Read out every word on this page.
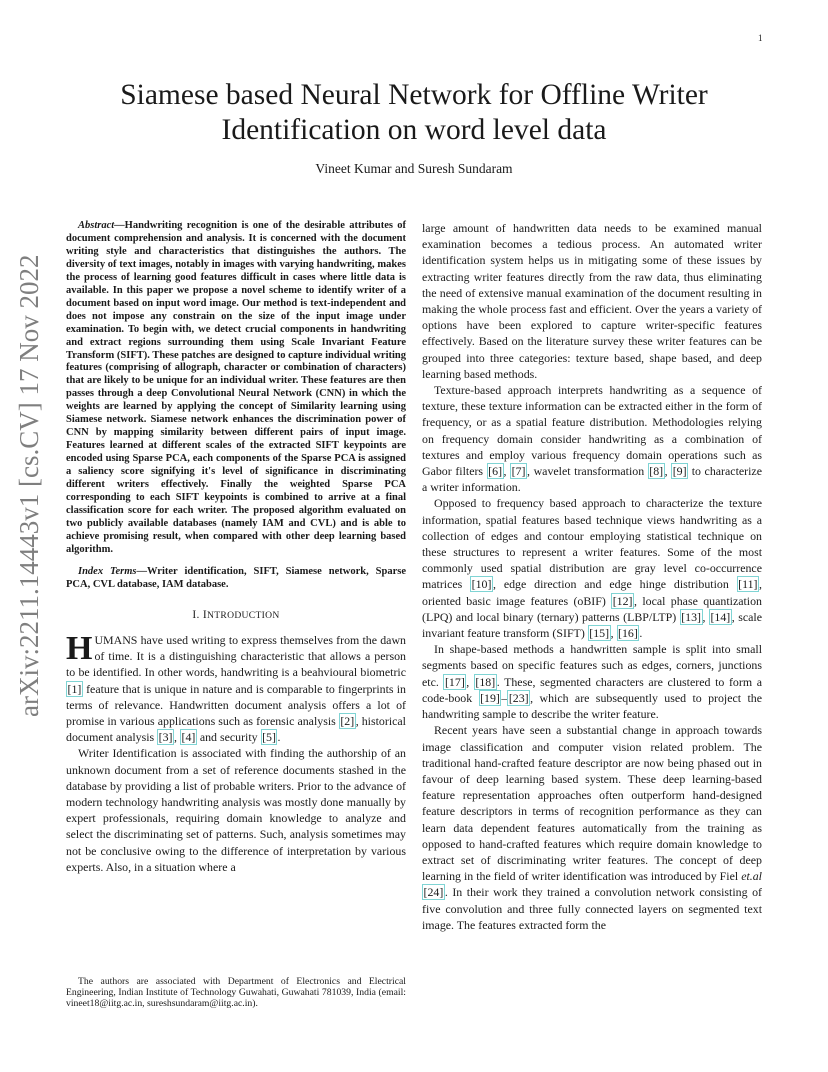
1
arXiv:2211.14443v1 [cs.CV] 17 Nov 2022
Siamese based Neural Network for Offline Writer
Identification on word level data
Vineet Kumar and Suresh Sundaram

Abstract—Handwriting recognition is one of the desirable attributes of document comprehension and analysis. It is concerned with the document writing style and characteristics that distinguishes the authors. The diversity of text images, notably in images with varying handwriting, makes the process of learning good features difficult in cases where little data is available. In this paper we propose a novel scheme to identify writer of a document based on input word image. Our method is text-independent and does not impose any constrain on the size of the input image under examination. To begin with, we detect crucial components in handwriting and extract regions surrounding them using Scale Invariant Feature Transform (SIFT). These patches are designed to capture individual writing features (comprising of allograph, character or combination of characters) that are likely to be unique for an individual writer. These features are then passes through a deep Convolutional Neural Network (CNN) in which the weights are learned by applying the concept of Similarity learning using Siamese network. Siamese network enhances the discrimination power of CNN by mapping similarity between different pairs of input image. Features learned at different scales of the extracted SIFT keypoints are encoded using Sparse PCA, each components of the Sparse PCA is assigned a saliency score signifying it's level of significance in discriminating different writers effectively. Finally the weighted Sparse PCA corresponding to each SIFT keypoints is combined to arrive at a final classification score for each writer. The proposed algorithm evaluated on two publicly available databases (namely IAM and CVL) and is able to achieve promising result, when compared with other deep learning based algorithm.

Index Terms—Writer identification, SIFT, Siamese network, Sparse PCA, CVL database, IAM database.

I. INTRODUCTION

HUMANS have used writing to express themselves from the dawn of time. It is a distinguishing characteristic that allows a person to be identified. In other words, handwriting is a beahvioural biometric [1] feature that is unique in nature and is comparable to fingerprints in terms of relevance. Handwritten document analysis offers a lot of promise in various applications such as forensic analysis [2] , historical document analysis [3] , [4] and security [5] .

Writer Identification is associated with finding the authorship of an unknown document from a set of reference documents stashed in the database by providing a list of probable writers. Prior to the advance of modern technology handwriting analysis was mostly done manually by expert professionals, requiring domain knowledge to analyze and select the discriminating set of patterns. Such, analysis sometimes may not be conclusive owing to the difference of interpretation by various experts. Also, in a situation where a

large amount of handwritten data needs to be examined manual examination becomes a tedious process. An automated writer identification system helps us in mitigating some of these issues by extracting writer features directly from the raw data, thus eliminating the need of extensive manual examination of the document resulting in making the whole process fast and efficient. Over the years a variety of options have been explored to capture writer-specific features effectively. Based on the literature survey these writer features can be grouped into three categories: texture based, shape based, and deep learning based methods.

Texture-based approach interprets handwriting as a sequence of texture, these texture information can be extracted either in the form of frequency, or as a spatial feature distribution. Methodologies relying on frequency domain consider handwriting as a combination of textures and employ various frequency domain operations such as Gabor filters [6] , [7] , wavelet transformation [8] , [9] to characterize a writer information.

Opposed to frequency based approach to characterize the texture information, spatial features based technique views handwriting as a collection of edges and contour employing statistical technique on these structures to represent a writer features. Some of the most commonly used spatial distribution are gray level co-occurrence matrices [10] , edge direction and edge hinge distribution [11] , oriented basic image features (oBIF) [12] , local phase quantization (LPQ) and local binary (ternary) patterns (LBP/LTP) [13] , [14] , scale invariant feature transform (SIFT) [15] , [16] .

In shape-based methods a handwritten sample is split into small segments based on specific features such as edges, corners, junctions etc. [17] , [18] . These, segmented characters are clustered to form a code-book [19] – [23] , which are subsequently used to project the handwriting sample to describe the writer feature.

Recent years have seen a substantial change in approach towards image classification and computer vision related problem. The traditional hand-crafted feature descriptor are now being phased out in favour of deep learning based system. These deep learning-based feature representation approaches often outperform hand-designed feature descriptors in terms of recognition performance as they can learn data dependent features automatically from the training as opposed to hand-crafted features which require domain knowledge to extract set of discriminating writer features. The concept of deep learning in the field of writer identification was introduced by Fiel et.al [24] . In their work they trained a convolution network consisting of five convolution and three fully connected layers on segmented text image. The features extracted form the

The authors are associated with Department of Electronics and Electrical Engineering, Indian Institute of Technology Guwahati, Guwahati 781039, India (email: vineet18@iitg.ac.in, sureshsundaram@iitg.ac.in).
